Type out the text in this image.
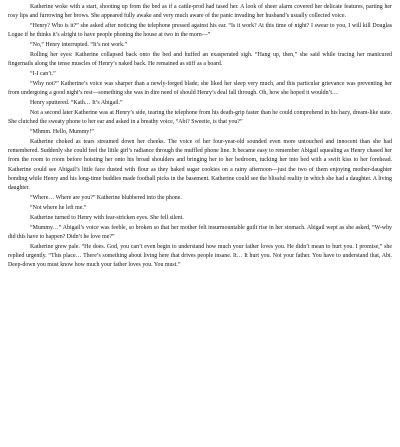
Katherine woke with a start, shooting up from the bed as if a cattle-prod had tased her. A look of sheer alarm covered her delicate features, parting her rosy lips and furrowing her brows. She appeared fully awake and very much aware of the panic invading her husband’s usually collected voice.

“Henry? Who is it?” she asked after noticing the telephone pressed against his ear. “Is it work? At this time of night? I swear to you, I will kill Douglas Logue if he thinks it’s alright to have people phoning the house at two in the morn—”

“No,” Henry interrupted. “It’s not work.”

Rolling her eyes: Katherine collapsed back onto the bed and huffed an exasperated sigh. “Hang up, then,” she said while tracing her manicured fingernails along the tense muscles of Henry’s naked back. He remained as stiff as a board.

“I-I can’t.”

“Why not?” Katherine’s voice was sharper than a newly-forged blade; she liked her sleep very much, and this particular grievance was preventing her from undergoing a good night’s rest—something she was in dire need of should Henry’s deal fall through. Oh, how she hoped it wouldn’t…

Henry sputtered. “Kath… It’s Abigail.”

Not a second later Katherine was at Henry’s side, tearing the telephone from his death-grip faster than he could comprehend in his hazy, dream-like state. She clutched the sweaty phone to her ear and asked in a breathy voice, “Abi? Sweetie, is that you?”

“Mhmm. Hello, Mummy!”

Katherine choked as tears streamed down her cheeks. The voice of her four-year-old sounded even more untouched and innocent than she had remembered. Suddenly she could feel the little girl’s radiance through the muffled phone line. It became easy to remember Abigail squealing as Henry chased her from the room to room before hoisting her onto his broad shoulders and bringing her to her bedroom, tucking her into bed with a swift kiss to her forehead. Katherine could see Abigail’s little face dusted with flour as they baked sugar cookies on a rainy afternoon—just the two of them enjoying mother-daughter bonding while Henry and his long-time buddies made football picks in the basement. Katherine could see the blissful reality in which she had a daughter. A living daughter.

“Where… Where are you?” Katherine blubbered into the phone.

“Not where he left me.”

Katherine turned to Henry with fear-stricken eyes. She fell silent.

“Mummy…” Abigail’s voice was feeble, so broken so that her mother felt insurmountable guilt rise in her stomach. Abigail wept as she asked, “W-why did this have to happen? Didn’t he love me?”

Katherine grew pale. “He does. God, you can’t even begin to understand how much your father loves you. He didn’t mean to hurt you. I promise,” she replied urgently. “This place… There’s something about living here that drives people insane. It… It hurt you. Not your father. You have to understand that, Abi. Deep-down you must know how much your father loves you. You must.”
